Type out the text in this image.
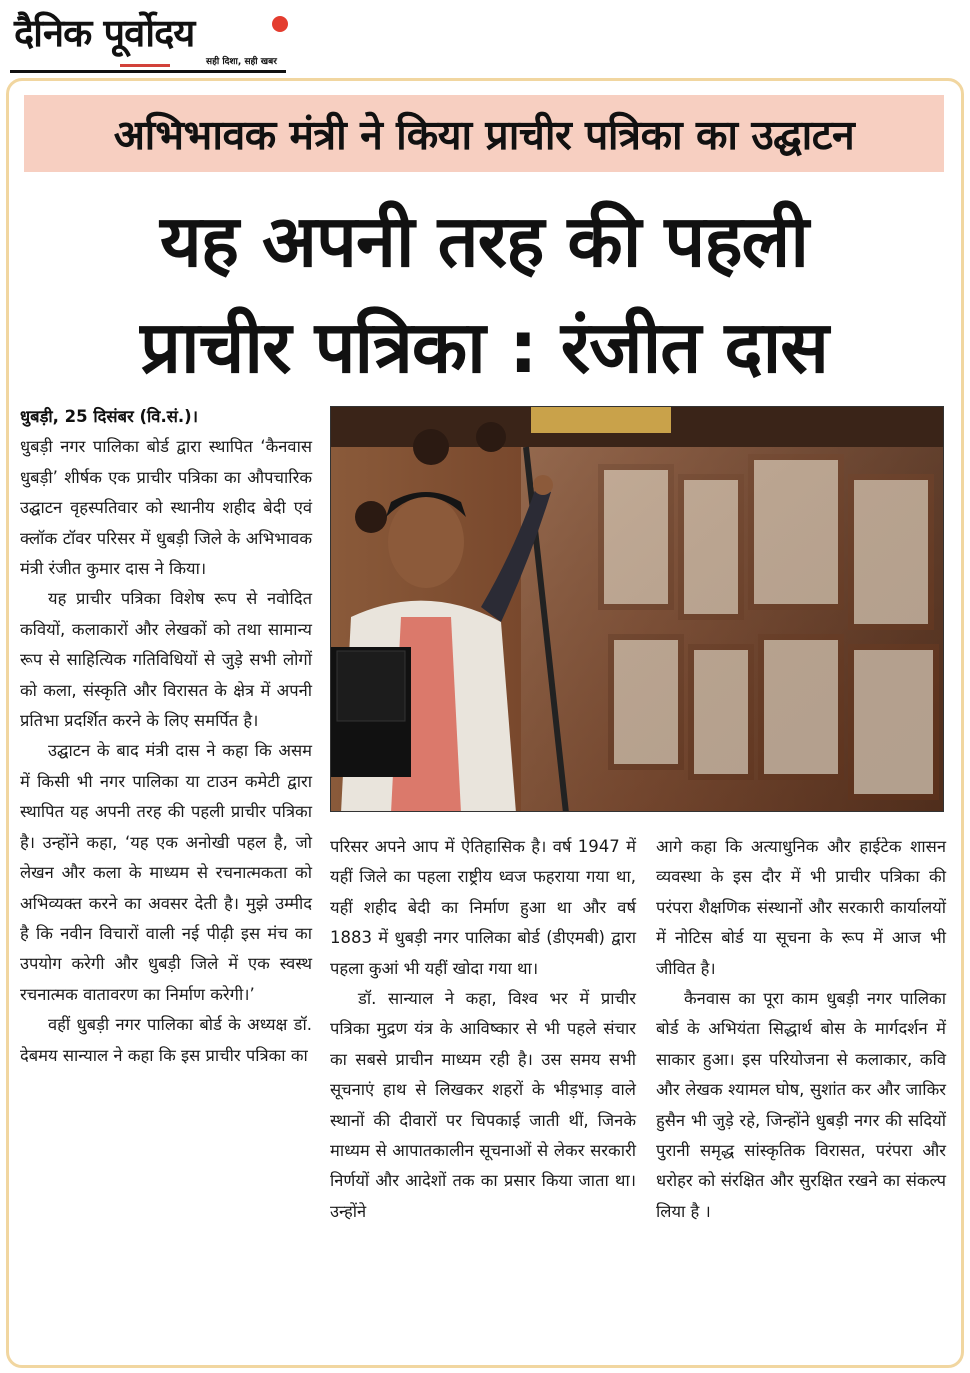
दैनिक पूर्वोदय
सही दिशा, सही खबर
अभिभावक मंत्री ने किया प्राचीर पत्रिका का उद्घाटन
यह अपनी तरह की पहली
प्राचीर पत्रिका : रंजीत दास

धुबड़ी, 25 दिसंबर (वि.सं.)।

धुबड़ी नगर पालिका बोर्ड द्वारा स्थापित ‘कैनवास धुबड़ी’ शीर्षक एक प्राचीर पत्रिका का औपचारिक उद्घाटन वृहस्पतिवार को स्थानीय शहीद बेदी एवं क्लॉक टॉवर परिसर में धुबड़ी जिले के अभिभावक मंत्री रंजीत कुमार दास ने किया।

यह प्राचीर पत्रिका विशेष रूप से नवोदित कवियों, कलाकारों और लेखकों को तथा सामान्य रूप से साहित्यिक गतिविधियों से जुड़े सभी लोगों को कला, संस्कृति और विरासत के क्षेत्र में अपनी प्रतिभा प्रदर्शित करने के लिए समर्पित है।

उद्घाटन के बाद मंत्री दास ने कहा कि असम में किसी भी नगर पालिका या टाउन कमेटी द्वारा स्थापित यह अपनी तरह की पहली प्राचीर पत्रिका है। उन्होंने कहा, ‘यह एक अनोखी पहल है, जो लेखन और कला के माध्यम से रचनात्मकता को अभिव्यक्त करने का अवसर देती है। मुझे उम्मीद है कि नवीन विचारों वाली नई पीढ़ी इस मंच का उपयोग करेगी और धुबड़ी जिले में एक स्वस्थ रचनात्मक वातावरण का निर्माण करेगी।’

वहीं धुबड़ी नगर पालिका बोर्ड के अध्यक्ष डॉ. देबमय सान्याल ने कहा कि इस प्राचीर पत्रिका का

परिसर अपने आप में ऐतिहासिक है। वर्ष 1947 में यहीं जिले का पहला राष्ट्रीय ध्वज फहराया गया था, यहीं शहीद बेदी का निर्माण हुआ था और वर्ष 1883 में धुबड़ी नगर पालिका बोर्ड (डीएमबी) द्वारा पहला कुआं भी यहीं खोदा गया था।

डॉ. सान्याल ने कहा, विश्व भर में प्राचीर पत्रिका मुद्रण यंत्र के आविष्कार से भी पहले संचार का सबसे प्राचीन माध्यम रही है। उस समय सभी सूचनाएं हाथ से लिखकर शहरों के भीड़भाड़ वाले स्थानों की दीवारों पर चिपकाई जाती थीं, जिनके माध्यम से आपातकालीन सूचनाओं से लेकर सरकारी निर्णयों और आदेशों तक का प्रसार किया जाता था। उन्होंने

आगे कहा कि अत्याधुनिक और हाईटेक शासन व्यवस्था के इस दौर में भी प्राचीर पत्रिका की परंपरा शैक्षणिक संस्थानों और सरकारी कार्यालयों में नोटिस बोर्ड या सूचना के रूप में आज भी जीवित है।

कैनवास का पूरा काम धुबड़ी नगर पालिका बोर्ड के अभियंता सिद्धार्थ बोस के मार्गदर्शन में साकार हुआ। इस परियोजना से कलाकार, कवि और लेखक श्यामल घोष, सुशांत कर और जाकिर हुसैन भी जुड़े रहे, जिन्होंने धुबड़ी नगर की सदियों पुरानी समृद्ध सांस्कृतिक विरासत, परंपरा और धरोहर को संरक्षित और सुरक्षित रखने का संकल्प लिया है ।
